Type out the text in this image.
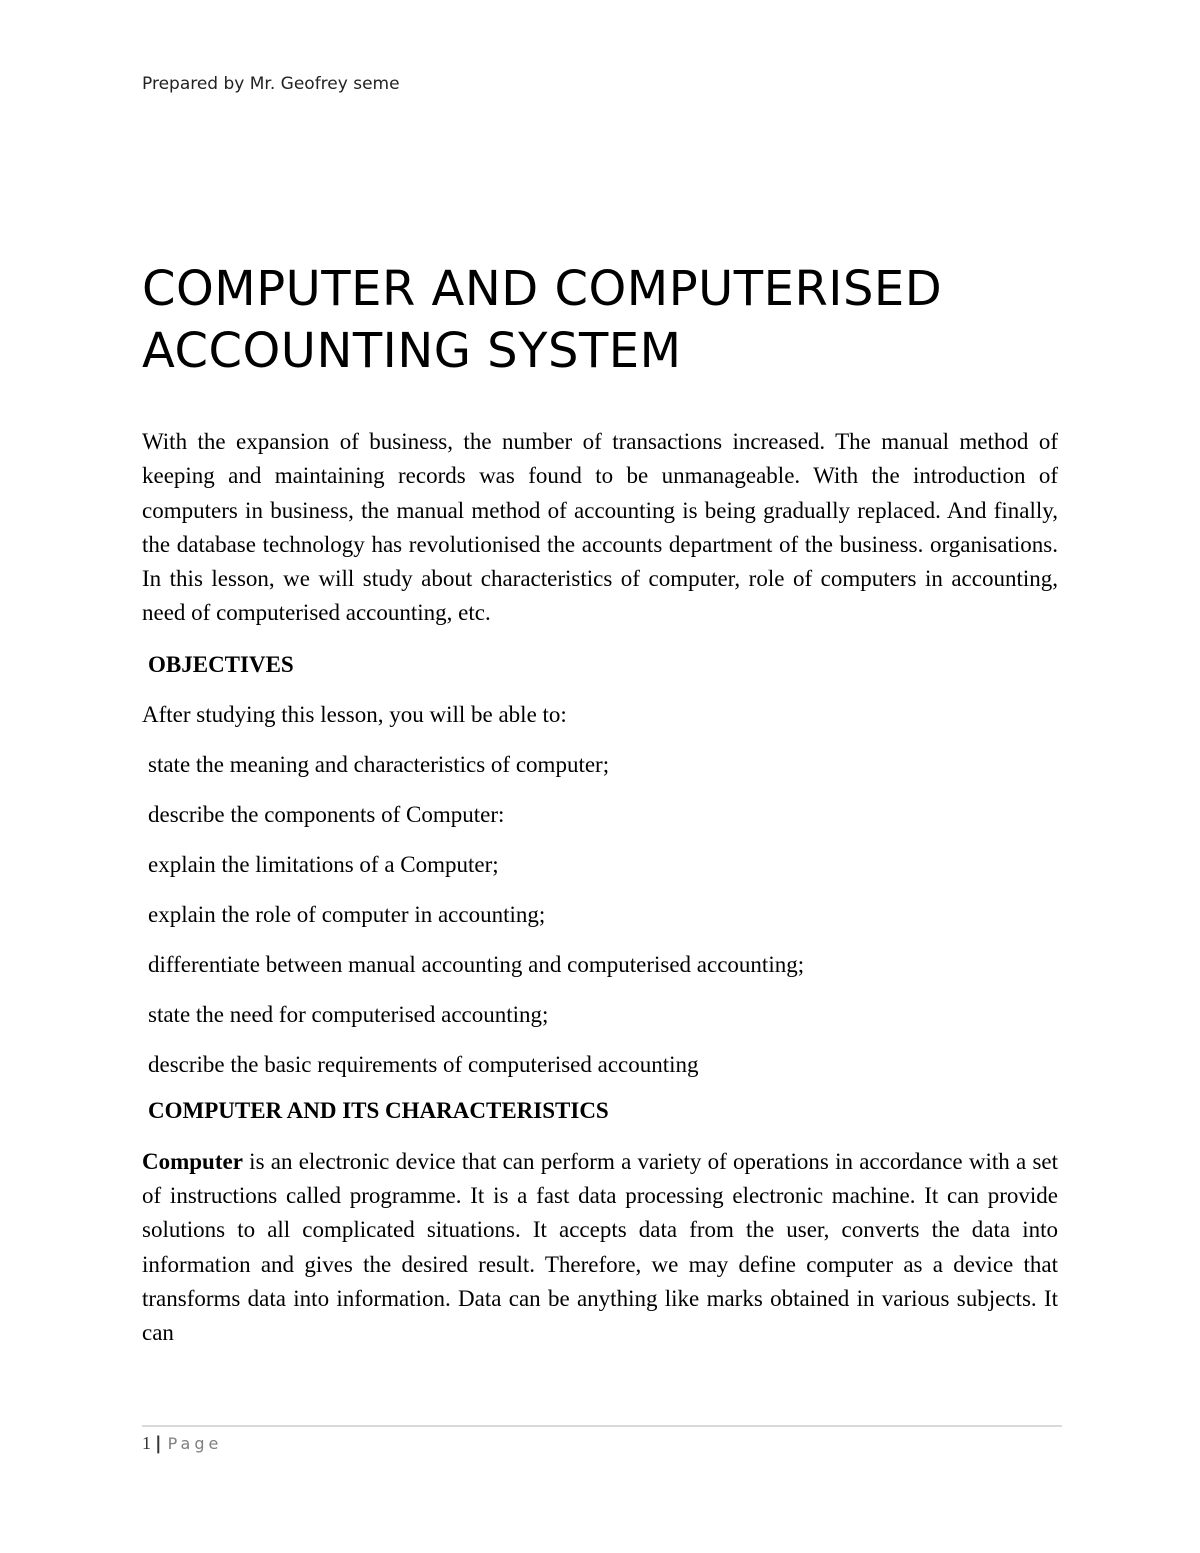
Prepared by Mr. Geofrey seme
COMPUTER AND COMPUTERISED
ACCOUNTING SYSTEM

With the expansion of business, the number of transactions increased. The manual method of keeping and maintaining records was found to be unmanageable. With the introduction of computers in business, the manual method of accounting is being gradually replaced. And finally, the database technology has revolutionised the accounts department of the business. organisations. In this lesson, we will study about characteristics of computer, role of computers in accounting, need of computerised accounting, etc.

OBJECTIVES

After studying this lesson, you will be able to:

state the meaning and characteristics of computer;
describe the components of Computer:
explain the limitations of a Computer;
explain the role of computer in accounting;
differentiate between manual accounting and computerised accounting;
state the need for computerised accounting;
describe the basic requirements of computerised accounting

COMPUTER AND ITS CHARACTERISTICS

Computer is an electronic device that can perform a variety of operations in accordance with a set of instructions called programme. It is a fast data processing electronic machine. It can provide solutions to all complicated situations. It accepts data from the user, converts the data into information and gives the desired result. Therefore, we may define computer as a device that transforms data into information. Data can be anything like marks obtained in various subjects. It can

1 | Page
